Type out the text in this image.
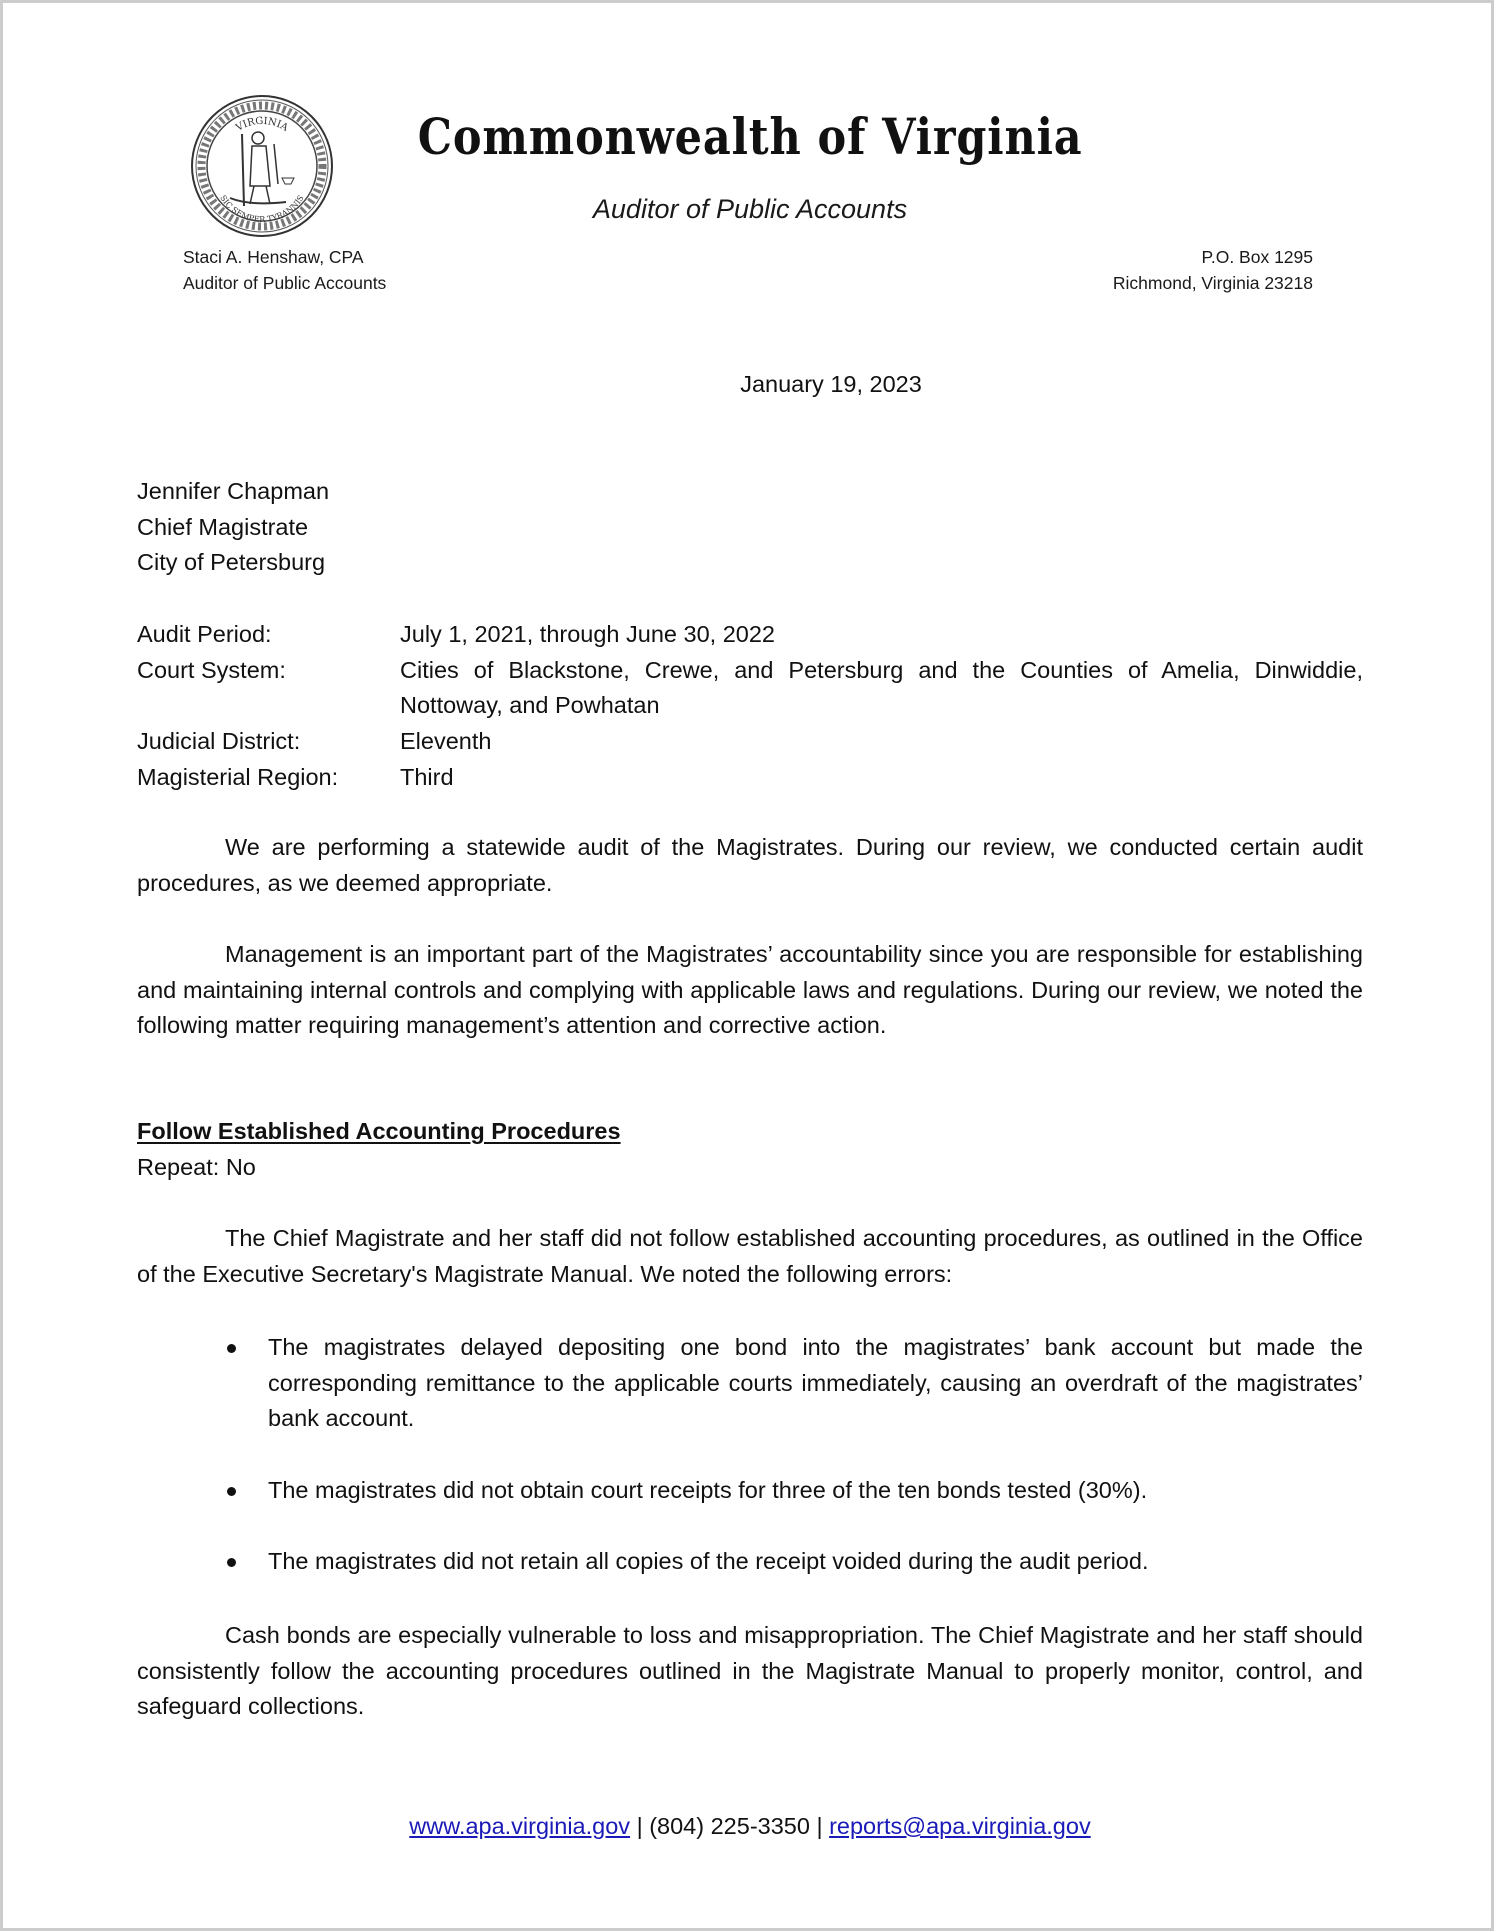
VIRGINIA
SIC SEMPER TYRANNIS
Commonwealth of Virginia
Auditor of Public Accounts
Staci A. Henshaw, CPA
Auditor of Public Accounts
P.O. Box 1295
Richmond, Virginia 23218
January 19, 2023
Jennifer Chapman
Chief Magistrate
City of Petersburg
Audit Period:	July 1, 2021, through June 30, 2022
Court System:	Cities of Blackstone, Crewe, and Petersburg and the Counties of Amelia, Dinwiddie, Nottoway, and Powhatan
Judicial District:	Eleventh
Magisterial Region:	Third

We are performing a statewide audit of the Magistrates. During our review, we conducted certain audit procedures, as we deemed appropriate.

Management is an important part of the Magistrates’ accountability since you are responsible for establishing and maintaining internal controls and complying with applicable laws and regulations. During our review, we noted the following matter requiring management’s attention and corrective action.

Follow Established Accounting Procedures
Repeat: No

The Chief Magistrate and her staff did not follow established accounting procedures, as outlined in the Office of the Executive Secretary's Magistrate Manual. We noted the following errors:

The magistrates delayed depositing one bond into the magistrates’ bank account but made the corresponding remittance to the applicable courts immediately, causing an overdraft of the magistrates’ bank account.
The magistrates did not obtain court receipts for three of the ten bonds tested (30%).
The magistrates did not retain all copies of the receipt voided during the audit period.

Cash bonds are especially vulnerable to loss and misappropriation. The Chief Magistrate and her staff should consistently follow the accounting procedures outlined in the Magistrate Manual to properly monitor, control, and safeguard collections.

www.apa.virginia.gov | (804) 225-3350 | reports@apa.virginia.gov
